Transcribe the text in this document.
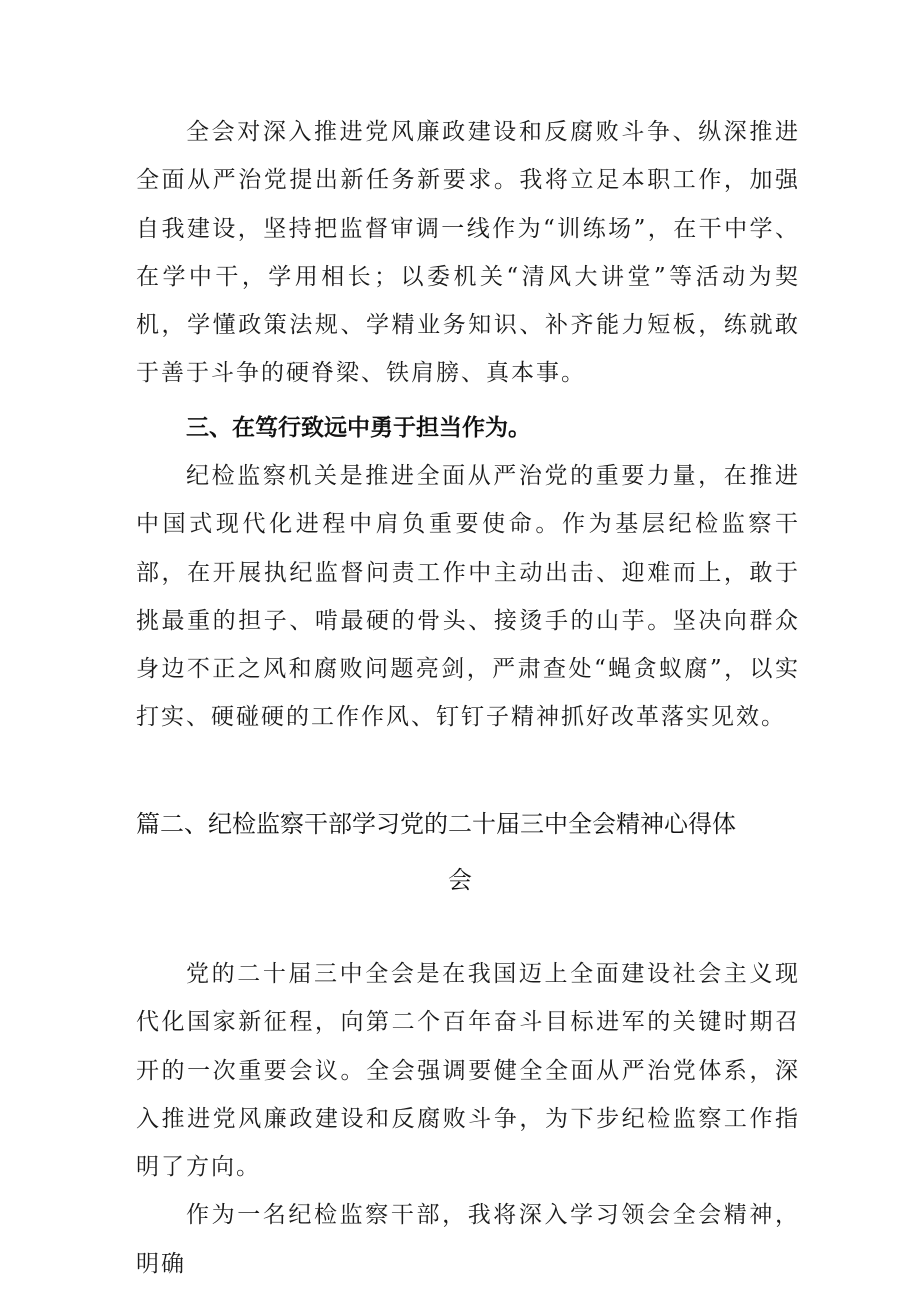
全会对深入推进党风廉政建设和反腐败斗争、纵深推进全面从严治党提出新任务新要求。我将立足本职工作，加强自我建设，坚持把监督审调一线作为“训练场”，在干中学、在学中干，学用相长；以委机关“清风大讲堂”等活动为契机，学懂政策法规、学精业务知识、补齐能力短板，练就敢于善于斗争的硬脊梁、铁肩膀、真本事。

三、在笃行致远中勇于担当作为。

纪检监察机关是推进全面从严治党的重要力量，在推进中国式现代化进程中肩负重要使命。作为基层纪检监察干部，在开展执纪监督问责工作中主动出击、迎难而上，敢于挑最重的担子、啃最硬的骨头、接烫手的山芋。坚决向群众身边不正之风和腐败问题亮剑，严肃查处“蝇贪蚁腐”，以实打实、硬碰硬的工作作风、钉钉子精神抓好改革落实见效。

篇二、纪检监察干部学习党的二十届三中全会精神心得体
会

党的二十届三中全会是在我国迈上全面建设社会主义现代化国家新征程，向第二个百年奋斗目标进军的关键时期召开的一次重要会议。全会强调要健全全面从严治党体系，深入推进党风廉政建设和反腐败斗争，为下步纪检监察工作指明了方向。

作为一名纪检监察干部，我将深入学习领会全会精神，明确
